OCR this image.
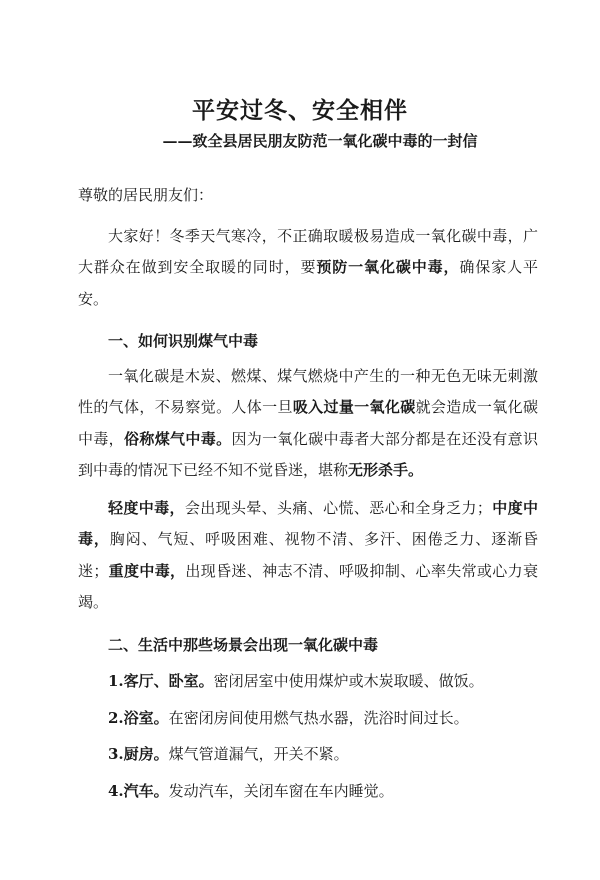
平安过冬、安全相伴
——致全县居民朋友防范一氧化碳中毒的一封信

尊敬的居民朋友们：

大家好！冬季天气寒冷，不正确取暖极易造成一氧化碳中毒，广大群众在做到安全取暖的同时，要预防一氧化碳中毒，确保家人平安。

一、如何识别煤气中毒

一氧化碳是木炭、燃煤、煤气燃烧中产生的一种无色无味无刺激性的气体，不易察觉。人体一旦吸入过量一氧化碳就会造成一氧化碳中毒，俗称煤气中毒。因为一氧化碳中毒者大部分都是在还没有意识到中毒的情况下已经不知不觉昏迷，堪称无形杀手。

轻度中毒，会出现头晕、头痛、心慌、恶心和全身乏力；中度中毒，胸闷、气短、呼吸困难、视物不清、多汗、困倦乏力、逐渐昏迷；重度中毒，出现昏迷、神志不清、呼吸抑制、心率失常或心力衰竭。

二、生活中那些场景会出现一氧化碳中毒

1.客厅、卧室。密闭居室中使用煤炉或木炭取暖、做饭。

2.浴室。在密闭房间使用燃气热水器，洗浴时间过长。

3.厨房。煤气管道漏气，开关不紧。

4.汽车。发动汽车，关闭车窗在车内睡觉。
